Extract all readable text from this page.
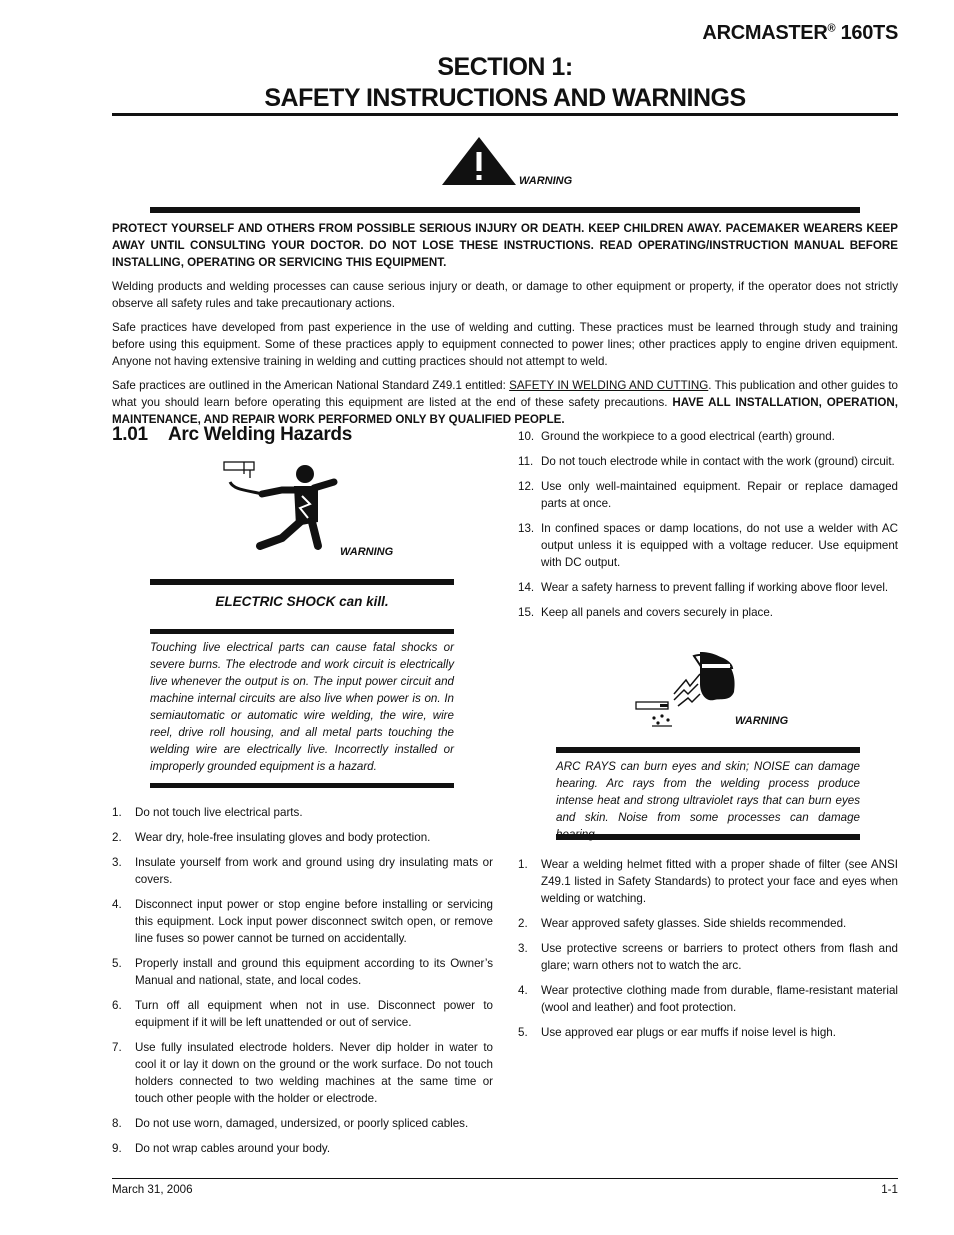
ARCMASTER® 160TS
SECTION 1:
SAFETY INSTRUCTIONS AND WARNINGS
WARNING

PROTECT YOURSELF AND OTHERS FROM POSSIBLE SERIOUS INJURY OR DEATH. KEEP CHILDREN AWAY. PACEMAKER WEARERS KEEP AWAY UNTIL CONSULTING YOUR DOCTOR. DO NOT LOSE THESE INSTRUCTIONS. READ OPERATING/INSTRUCTION MANUAL BEFORE INSTALLING, OPERATING OR SERVICING THIS EQUIPMENT.

Welding products and welding processes can cause serious injury or death, or damage to other equipment or property, if the operator does not strictly observe all safety rules and take precautionary actions.

Safe practices have developed from past experience in the use of welding and cutting. These practices must be learned through study and training before using this equipment. Some of these practices apply to equipment connected to power lines; other practices apply to engine driven equipment. Anyone not having extensive training in welding and cutting practices should not attempt to weld.

Safe practices are outlined in the American National Standard Z49.1 entitled: SAFETY IN WELDING AND CUTTING. This publication and other guides to what you should learn before operating this equipment are listed at the end of these safety precautions. HAVE ALL INSTALLATION, OPERATION, MAINTENANCE, AND REPAIR WORK PERFORMED ONLY BY QUALIFIED PEOPLE.

1.01 Arc Welding Hazards
WARNING
ELECTRIC SHOCK can kill.
Touching live electrical parts can cause fatal shocks or severe burns. The electrode and work circuit is electrically live whenever the output is on. The input power circuit and machine internal circuits are also live when power is on. In semiautomatic or automatic wire welding, the wire, wire reel, drive roll housing, and all metal parts touching the welding wire are electrically live. Incorrectly installed or improperly grounded equipment is a hazard.
1. Do not touch live electrical parts.
2. Wear dry, hole-free insulating gloves and body protection.
3. Insulate yourself from work and ground using dry insulating mats or covers.
4. Disconnect input power or stop engine before installing or servicing this equipment. Lock input power disconnect switch open, or remove line fuses so power cannot be turned on accidentally.
5. Properly install and ground this equipment according to its Owner’s Manual and national, state, and local codes.
6. Turn off all equipment when not in use. Disconnect power to equipment if it will be left unattended or out of service.
7. Use fully insulated electrode holders. Never dip holder in water to cool it or lay it down on the ground or the work surface. Do not touch holders connected to two welding machines at the same time or touch other people with the holder or electrode.
8. Do not use worn, damaged, undersized, or poorly spliced cables.
9. Do not wrap cables around your body.
10. Ground the workpiece to a good electrical (earth) ground.
11. Do not touch electrode while in contact with the work (ground) circuit.
12. Use only well-maintained equipment. Repair or replace damaged parts at once.
13. In confined spaces or damp locations, do not use a welder with AC output unless it is equipped with a voltage reducer. Use equipment with DC output.
14. Wear a safety harness to prevent falling if working above floor level.
15. Keep all panels and covers securely in place.
WARNING
ARC RAYS can burn eyes and skin; NOISE can damage hearing. Arc rays from the welding process produce intense heat and strong ultraviolet rays that can burn eyes and skin. Noise from some processes can damage
1. Wear a welding helmet fitted with a proper shade of filter (see ANSI Z49.1 listed in Safety Standards) to protect your face and eyes when welding or watching.
2. Wear approved safety glasses. Side shields recommended.
3. Use protective screens or barriers to protect others from flash and glare; warn others not to watch the arc.
4. Wear protective clothing made from durable, flame-resistant material (wool and leather) and foot protection.
5. Use approved ear plugs or ear muffs if noise level is high.
March 31, 2006	1-1
